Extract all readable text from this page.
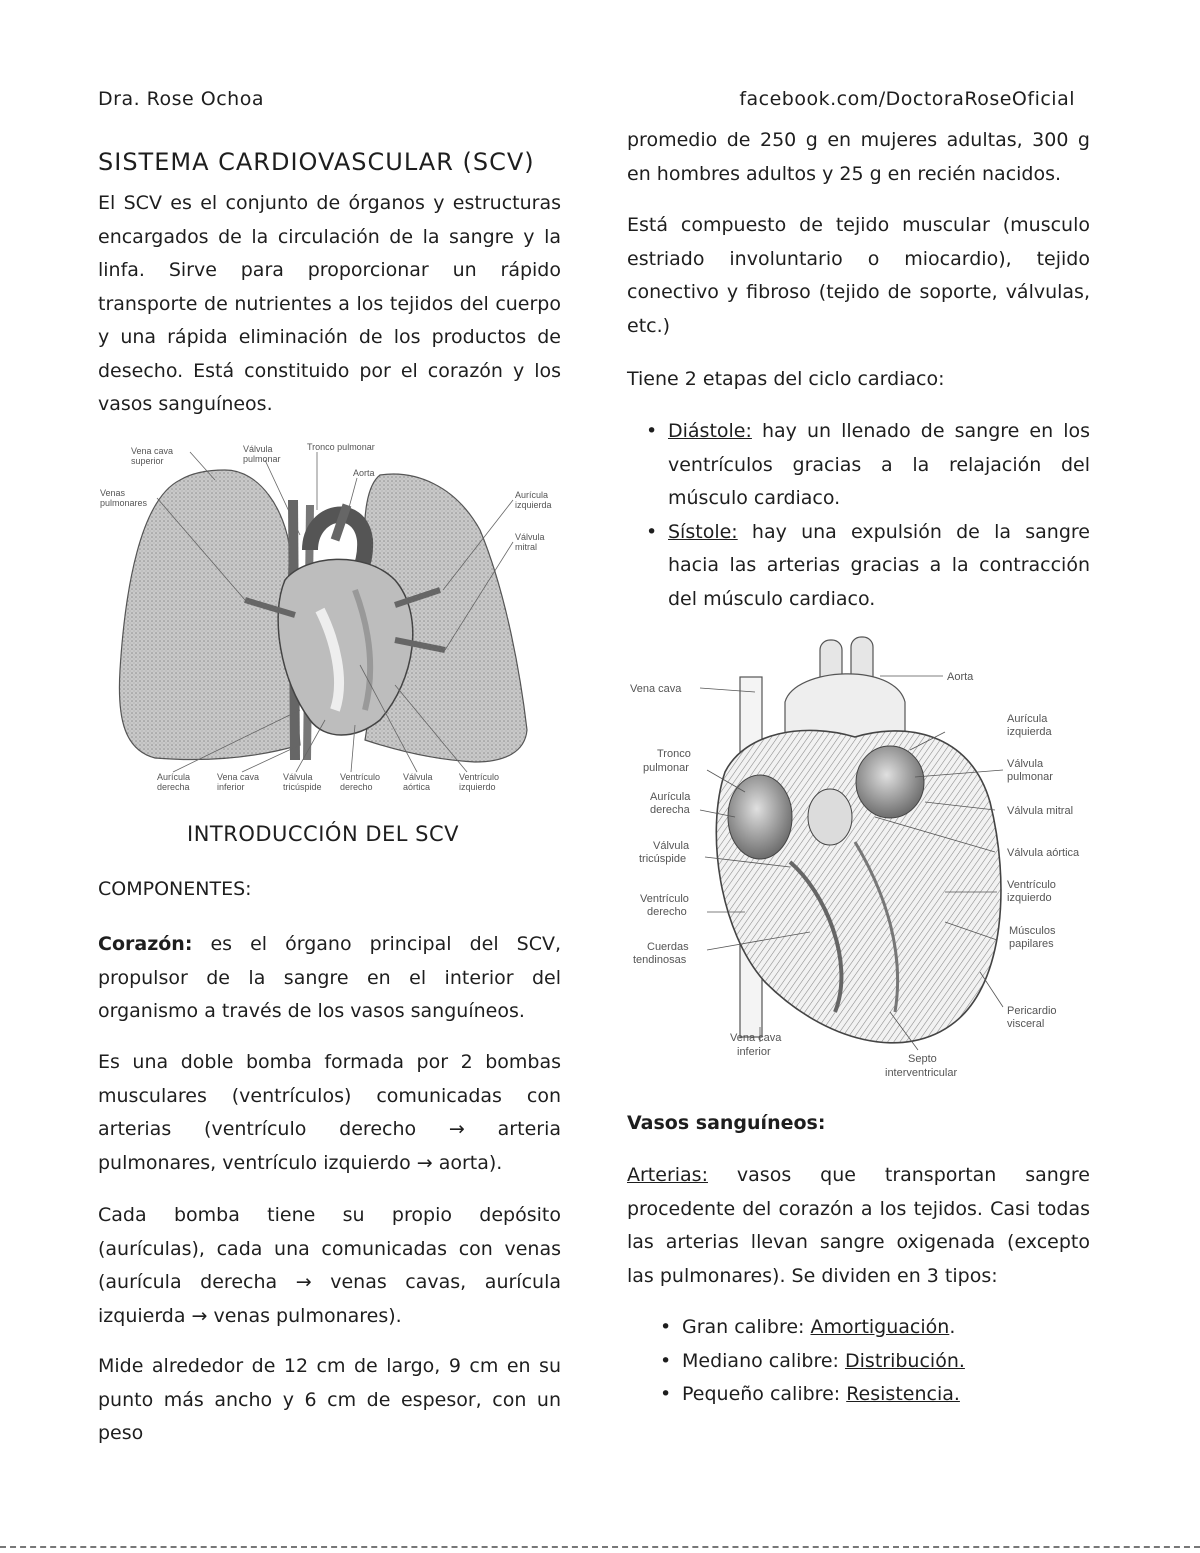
Dra. Rose Ochoa	facebook.com/DoctoraRoseOficial
SISTEMA CARDIOVASCULAR (SCV)

El SCV es el conjunto de órganos y estructuras encargados de la circulación de la sangre y la linfa. Sirve para proporcionar un rápido transporte de nutrientes a los tejidos del cuerpo y una rápida eliminación de los productos de desecho. Está constituido por el corazón y los vasos sanguíneos.

Vena cava
superior
Válvula
pulmonar
Tronco pulmonar
Aorta
Venas
pulmonares
Aurícula
izquierda
Válvula
mitral
Aurícula
derecha
Vena cava
inferior
Válvula
tricúspide
Ventrículo
derecho
Válvula
aórtica
Ventrículo
izquierdo
INTRODUCCIÓN DEL SCV
COMPONENTES:

Corazón: es el órgano principal del SCV, propulsor de la sangre en el interior del organismo a través de los vasos sanguíneos.

Es una doble bomba formada por 2 bombas musculares (ventrículos) comunicadas con arterias (ventrículo derecho → arteria pulmonares, ventrículo izquierdo → aorta).

Cada bomba tiene su propio depósito (aurículas), cada una comunicadas con venas (aurícula derecha → venas cavas, aurícula izquierda → venas pulmonares).

Mide alrededor de 12 cm de largo, 9 cm en su punto más ancho y 6 cm de espesor, con un peso

promedio de 250 g en mujeres adultas, 300 g en hombres adultos y 25 g en recién nacidos.

Está compuesto de tejido muscular (musculo estriado involuntario o miocardio), tejido conectivo y fibroso (tejido de soporte, válvulas, etc.)

Tiene 2 etapas del ciclo cardiaco:

• Diástole: hay un llenado de sangre en los ventrículos gracias a la relajación del músculo cardiaco.
• Sístole: hay una expulsión de la sangre hacia las arterias gracias a la contracción del músculo cardiaco.
Vena cava
Aorta
Aurícula
izquierda
Tronco
pulmonar	Válvula
pulmonar
Aurícula
derecha	Válvula mitral
Válvula
tricúspide	Válvula aórtica
Ventrículo
derecho
Ventrículo
izquierdo
Cuerdas
tendinosas
Músculos
papilares
Pericardio
visceral
Vena cava
inferior
Septo
interventricular
Vasos sanguíneos:

Arterias: vasos que transportan sangre procedente del corazón a los tejidos. Casi todas las arterias llevan sangre oxigenada (excepto las pulmonares). Se dividen en 3 tipos:

• Gran calibre: Amortiguación.
• Mediano calibre: Distribución.
• Pequeño calibre: Resistencia.
